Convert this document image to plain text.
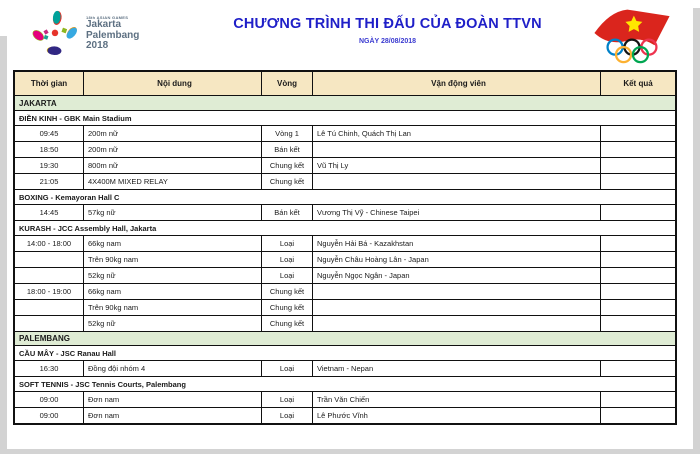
18th ASIAN GAMES
Jakarta
Palembang
2018
CHƯƠNG TRÌNH THI ĐẤU CỦA ĐOÀN TTVN
NGÀY 28/08/2018
Thời gian	Nội dung	Vòng	Vận động viên	Kết quả
JAKARTA
ĐIỀN KINH - GBK Main Stadium
09:45	200m nữ	Vòng 1	Lê Tú Chinh, Quách Thị Lan
18:50	200m nữ	Bán kết
19:30	800m nữ	Chung kết	Vũ Thị Ly
21:05	4X400M MIXED RELAY	Chung kết
BOXING - Kemayoran Hall C
14:45	57kg nữ	Bán kết	Vương Thị Vỹ - Chinese Taipei
KURASH - JCC Assembly Hall, Jakarta
14:00 - 18:00	66kg nam	Loại	Nguyễn Hải Bá - Kazakhstan
Trên 90kg nam	Loại	Nguyễn Châu Hoàng Lân - Japan
52kg nữ	Loại	Nguyễn Ngọc Ngân - Japan
18:00 - 19:00	66kg nam	Chung kết
Trên 90kg nam	Chung kết
52kg nữ	Chung kết
PALEMBANG
CẦU MÂY - JSC Ranau Hall
16:30	Đồng đội nhóm 4	Loại	Vietnam - Nepan
SOFT TENNIS - JSC Tennis Courts, Palembang
09:00	Đơn nam	Loại	Trần Văn Chiến
09:00	Đơn nam	Loại	Lê Phước Vĩnh
